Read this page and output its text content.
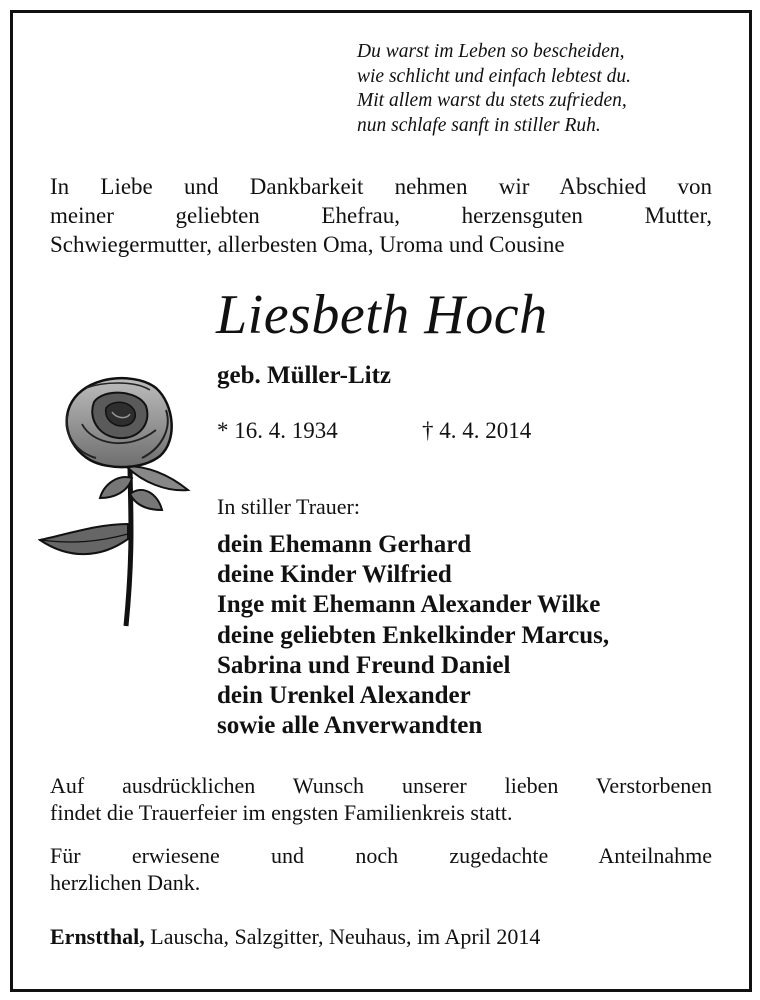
Du warst im Leben so bescheiden,
wie schlicht und einfach lebtest du.
Mit allem warst du stets zufrieden,
nun schlafe sanft in stiller Ruh.
In Liebe und Dankbarkeit nehmen wir Abschied von
meiner geliebten Ehefrau, herzensguten Mutter,
Schwiegermutter, allerbesten Oma, Uroma und Cousine
Liesbeth Hoch
geb. Müller-Litz
* 16. 4. 1934	† 4. 4. 2014
In stiller Trauer:
dein Ehemann Gerhard
deine Kinder Wilfried
Inge mit Ehemann Alexander Wilke
deine geliebten Enkelkinder Marcus,
Sabrina und Freund Daniel
dein Urenkel Alexander
sowie alle Anverwandten
Auf ausdrücklichen Wunsch unserer lieben Verstorbenen
findet die Trauerfeier im engsten Familienkreis statt.
Für erwiesene und noch zugedachte Anteilnahme
herzlichen Dank.
Ernstthal, Lauscha, Salzgitter, Neuhaus, im April 2014
